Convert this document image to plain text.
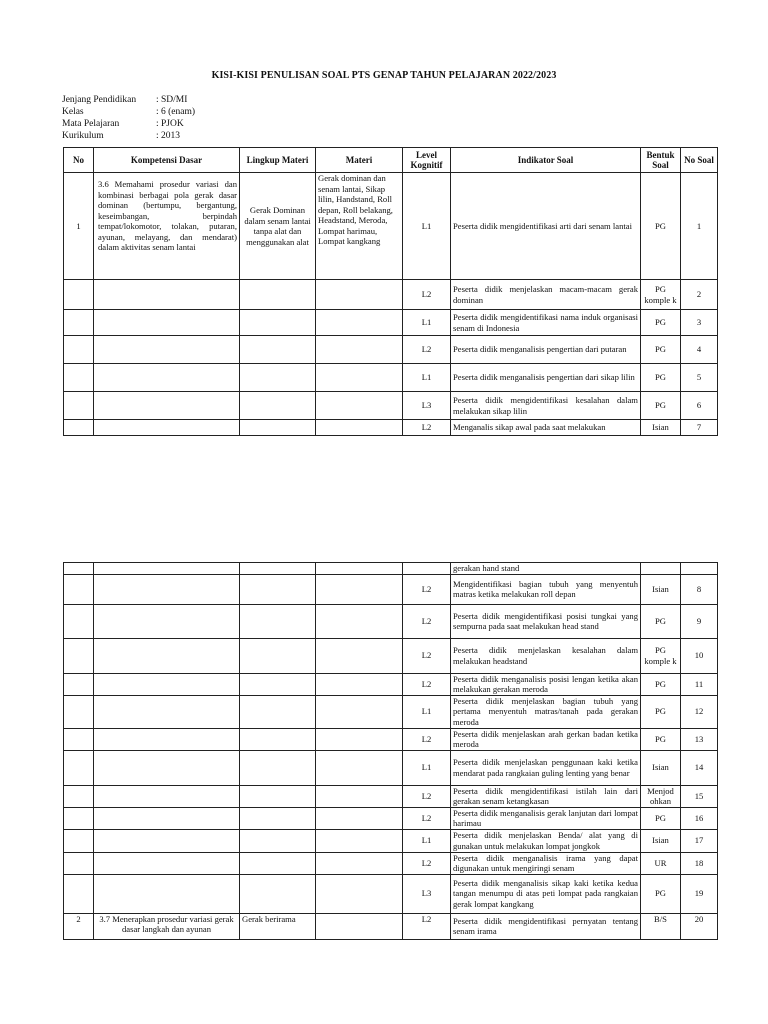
KISI-KISI PENULISAN SOAL PTS GENAP TAHUN PELAJARAN 2022/2023
Jenjang Pendidikan	: SD/MI
Kelas	: 6 (enam)
Mata Pelajaran	: PJOK
Kurikulum	: 2013
No	Kompetensi Dasar	Lingkup Materi	Materi	Level Kognitif	Indikator Soal	Bentuk Soal	No Soal
1	3.6 Memahami prosedur variasi dan kombinasi berbagai pola gerak dasar dominan (bertumpu, bergantung, keseimbangan, berpindah tempat/lokomotor, tolakan, putaran, ayunan, melayang, dan mendarat) dalam aktivitas senam lantai	Gerak Dominan dalam senam lantai tanpa alat dan menggunakan alat	Gerak dominan dan senam lantai, Sikap lilin, Handstand, Roll depan, Roll belakang, Headstand, Meroda, Lompat harimau, Lompat kangkang	L1	Peserta didik mengidentifikasi arti dari senam lantai	PG	1
				L2	Peserta didik menjelaskan macam-macam gerak dominan	PG komple k	2
				L1	Peserta didik mengidentifikasi nama induk organisasi senam di Indonesia	PG	3
				L2	Peserta didik menganalisis pengertian dari putaran	PG	4
				L1	Peserta didik menganalisis pengertian dari sikap lilin	PG	5
				L3	Peserta didik mengidentifikasi kesalahan dalam melakukan sikap lilin	PG	6
				L2	Menganalis sikap awal pada saat melakukan	Isian	7
					gerakan hand stand		
				L2	Mengidentifikasi bagian tubuh yang menyentuh matras ketika melakukan roll depan	Isian	8
				L2	Peserta didik mengidentifikasi posisi tungkai yang sempurna pada saat melakukan head stand	PG	9
				L2	Peserta didik menjelaskan kesalahan dalam melakukan headstand	PG komple k	10
				L2	Peserta didik menganalisis posisi lengan ketika akan melakukan gerakan meroda	PG	11
				L1	Peserta didik menjelaskan bagian tubuh yang pertama menyentuh matras/tanah pada gerakan meroda	PG	12
				L2	Peserta didik menjelaskan arah gerkan badan ketika meroda	PG	13
				L1	Peserta didik menjelaskan penggunaan kaki ketika mendarat pada rangkaian guling lenting yang benar	Isian	14
				L2	Peserta didik mengidentifikasi istilah lain dari gerakan senam ketangkasan	Menjod ohkan	15
				L2	Peserta didik menganalisis gerak lanjutan dari lompat harimau	PG	16
				L1	Peserta didik menjelaskan Benda/ alat yang di gunakan untuk melakukan lompat jongkok	Isian	17
				L2	Peserta didik menganalisis irama yang dapat digunakan untuk mengiringi senam	UR	18
				L3	Peserta didik menganalisis sikap kaki ketika kedua tangan menumpu di atas peti lompat pada rangkaian gerak lompat kangkang	PG	19
2	3.7 Menerapkan prosedur variasi gerak dasar langkah dan ayunan	Gerak berirama		L2	Peserta didik mengidentifikasi pernyatan tentang senam irama	B/S	20
